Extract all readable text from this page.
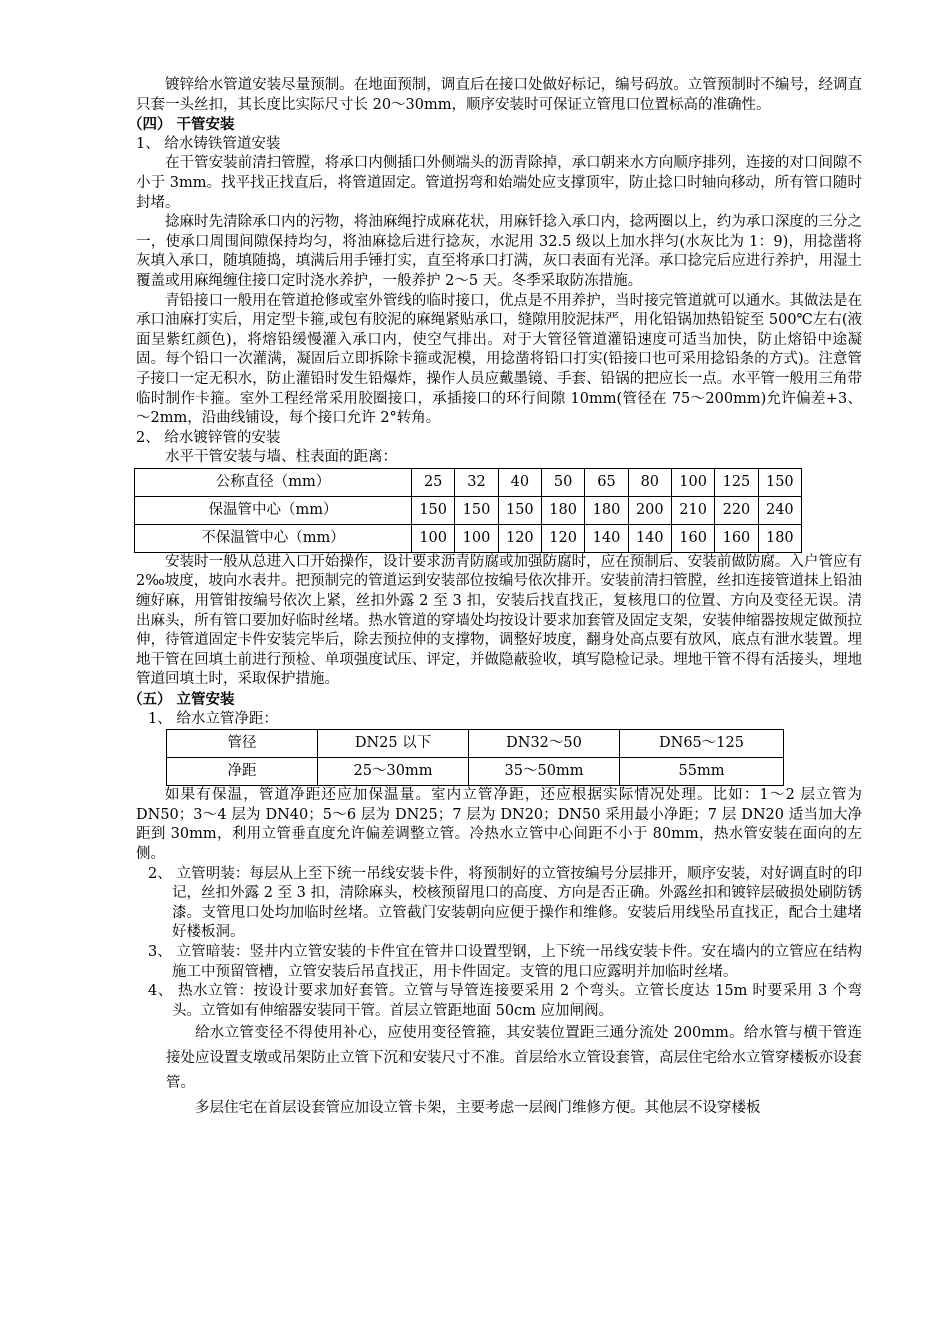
镀锌给水管道安装尽量预制。在地面预制，调直后在接口处做好标记，编号码放。立管预制时不编号，经调直只套一头丝扣，其长度比实际尺寸长 20～30mm，顺序安装时可保证立管甩口位置标高的准确性。

（四） 干管安装

1、 给水铸铁管道安装

在干管安装前清扫管膛，将承口内侧插口外侧端头的沥青除掉，承口朝来水方向顺序排列，连接的对口间隙不小于 3mm。找平找正找直后，将管道固定。管道拐弯和始端处应支撑顶牢，防止捻口时轴向移动，所有管口随时封堵。

捻麻时先清除承口内的污物，将油麻绳拧成麻花状，用麻钎捻入承口内，捻两圈以上，约为承口深度的三分之一，使承口周围间隙保持均匀，将油麻捻后进行捻灰，水泥用 32.5 级以上加水拌匀(水灰比为 1：9)，用捻凿将灰填入承口，随填随捣，填满后用手锤打实，直至将承口打满，灰口表面有光泽。承口捻完后应进行养护，用湿土覆盖或用麻绳缠住接口定时浇水养护，一般养护 2～5 天。冬季采取防冻措施。

青铅接口一般用在管道抢修或室外管线的临时接口，优点是不用养护，当时接完管道就可以通水。其做法是在承口油麻打实后，用定型卡箍,或包有胶泥的麻绳紧贴承口，缝隙用胶泥抹严，用化铅锅加热铅锭至 500℃左右(液面呈紫红颜色)，将熔铅缓慢灌入承口内，使空气排出。对于大管径管道灌铅速度可适当加快，防止熔铅中途凝固。每个铅口一次灌满，凝固后立即拆除卡箍或泥模，用捻凿将铅口打实(铅接口也可采用捻铅条的方式)。注意管子接口一定无积水，防止灌铅时发生铅爆炸，操作人员应戴墨镜、手套、铅锅的把应长一点。水平管一般用三角带临时制作卡箍。室外工程经常采用胶圈接口，承插接口的环行间隙 10mm(管径在 75～200mm)允许偏差+3、～2mm，沿曲线铺设，每个接口允许 2°转角。

2、 给水镀锌管的安装

水平干管安装与墙、柱表面的距离：

公称直径（mm）	25	32	40	50	65	80	100	125	150
保温管中心（mm）	150	150	150	180	180	200	210	220	240
不保温管中心（mm）	100	100	120	120	140	140	160	160	180

安装时一般从总进入口开始操作，设计要求沥青防腐或加强防腐时，应在预制后、安装前做防腐。入户管应有 2‰坡度，坡向水表井。把预制完的管道运到安装部位按编号依次排开。安装前清扫管膛，丝扣连接管道抹上铅油缠好麻，用管钳按编号依次上紧，丝扣外露 2 至 3 扣，安装后找直找正，复核甩口的位置、方向及变径无误。清出麻头，所有管口要加好临时丝堵。热水管道的穿墙处均按设计要求加套管及固定支架，安装伸缩器按规定做预拉伸，待管道固定卡件安装完毕后，除去预拉伸的支撑物，调整好坡度，翻身处高点要有放风，底点有泄水装置。埋地干管在回填土前进行预检、单项强度试压、评定，并做隐蔽验收，填写隐检记录。埋地干管不得有活接头，埋地管道回填土时，采取保护措施。

（五） 立管安装

1、 给水立管净距：

管径	DN25 以下	DN32～50	DN65～125
净距	25～30mm	35～50mm	55mm

如果有保温，管道净距还应加保温量。室内立管净距，还应根据实际情况处理。比如：1～2 层立管为 DN50；3～4 层为 DN40；5～6 层为 DN25；7 层为 DN20；DN50 采用最小净距；7 层 DN20 适当加大净距到 30mm，利用立管垂直度允许偏差调整立管。冷热水立管中心间距不小于 80mm，热水管安装在面向的左侧。

2、 立管明装：每层从上至下统一吊线安装卡件，将预制好的立管按编号分层排开，顺序安装，对好调直时的印记，丝扣外露 2 至 3 扣，清除麻头，校核预留甩口的高度、方向是否正确。外露丝扣和镀锌层破损处刷防锈漆。支管甩口处均加临时丝堵。立管截门安装朝向应便于操作和维修。安装后用线坠吊直找正，配合土建堵好楼板洞。

3、 立管暗装：竖井内立管安装的卡件宜在管井口设置型钢，上下统一吊线安装卡件。安在墙内的立管应在结构施工中预留管槽，立管安装后吊直找正，用卡件固定。支管的甩口应露明并加临时丝堵。

4、 热水立管：按设计要求加好套管。立管与导管连接要采用 2 个弯头。立管长度达 15m 时要采用 3 个弯头。立管如有伸缩器安装同干管。首层立管距地面 50cm 应加闸阀。

给水立管变径不得使用补心，应使用变径管箍，其安装位置距三通分流处 200mm。给水管与横干管连接处应设置支墩或吊架防止立管下沉和安装尺寸不准。首层给水立管设套管，高层住宅给水立管穿楼板亦设套管。

多层住宅在首层设套管应加设立管卡架，主要考虑一层阀门维修方便。其他层不设穿楼板
